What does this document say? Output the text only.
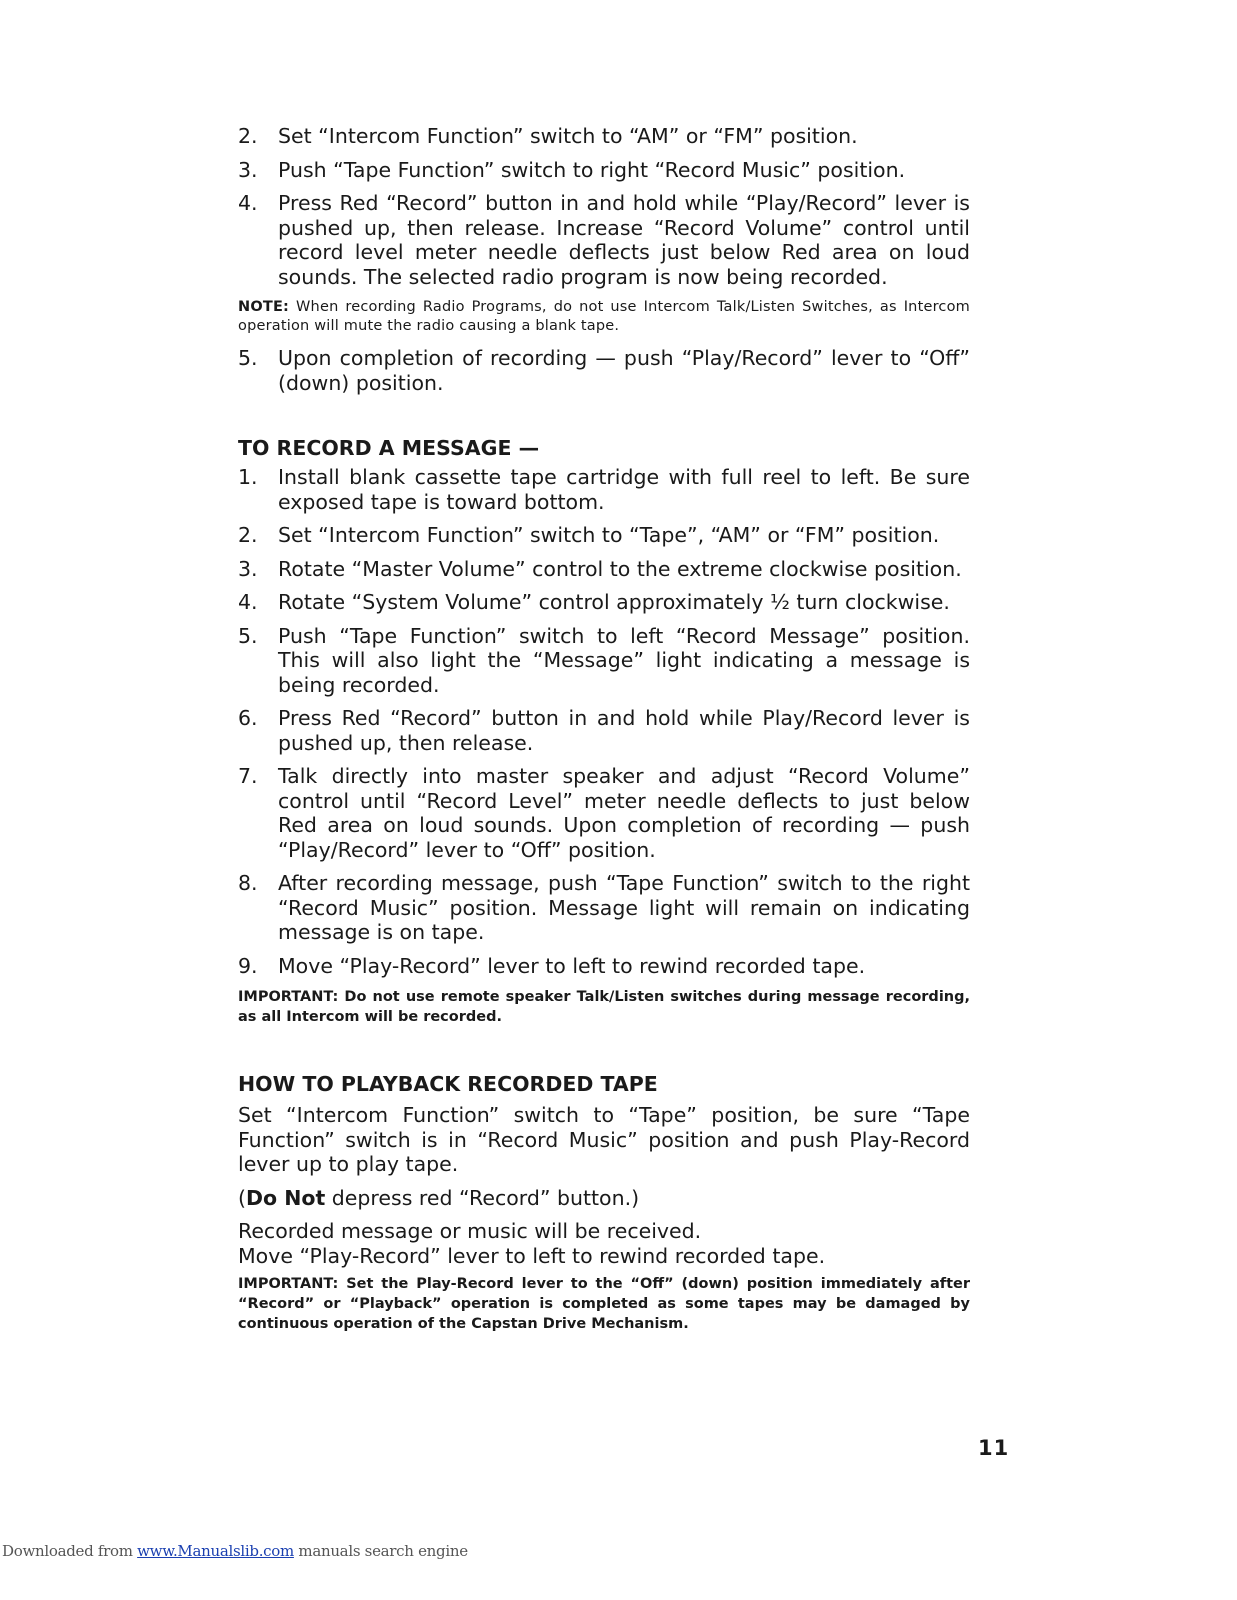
2. Set “Intercom Function” switch to “AM” or “FM” position.
3. Push “Tape Function” switch to right “Record Music” position.
4. Press Red “Record” button in and hold while “Play/Record” lever is pushed up, then release. Increase “Record Volume” control until record level meter needle deflects just below Red area on loud sounds. The selected radio program is now being recorded.

NOTE: When recording Radio Programs, do not use Intercom Talk/Listen Switches, as Intercom operation will mute the radio causing a blank tape.

5. Upon completion of recording — push “Play/Record” lever to “Off” (down) position.
TO RECORD A MESSAGE —
1. Install blank cassette tape cartridge with full reel to left. Be sure exposed tape is toward bottom.
2. Set “Intercom Function” switch to “Tape”, “AM” or “FM” position.
3. Rotate “Master Volume” control to the extreme clockwise position.
4. Rotate “System Volume” control approximately ½ turn clockwise.
5. Push “Tape Function” switch to left “Record Message” position. This will also light the “Message” light indicating a message is being recorded.
6. Press Red “Record” button in and hold while Play/Record lever is pushed up, then release.
7. Talk directly into master speaker and adjust “Record Volume” control until “Record Level” meter needle deflects to just below Red area on loud sounds. Upon completion of recording — push “Play/Record” lever to “Off” position.
8. After recording message, push “Tape Function” switch to the right “Record Music” position. Message light will remain on indicating message is on tape.
9. Move “Play-Record” lever to left to rewind recorded tape.

IMPORTANT: Do not use remote speaker Talk/Listen switches during message recording, as all Intercom will be recorded.

HOW TO PLAYBACK RECORDED TAPE

Set “Intercom Function” switch to “Tape” position, be sure “Tape Function” switch is in “Record Music” position and push Play-Record lever up to play tape.

(Do Not depress red “Record” button.)

Recorded message or music will be received.
Move “Play-Record” lever to left to rewind recorded tape.

IMPORTANT: Set the Play-Record lever to the “Off” (down) position immediately after “Record” or “Playback” operation is completed as some tapes may be damaged by continuous operation of the Capstan Drive Mechanism.

11
Downloaded from www.Manualslib.com manuals search engine
